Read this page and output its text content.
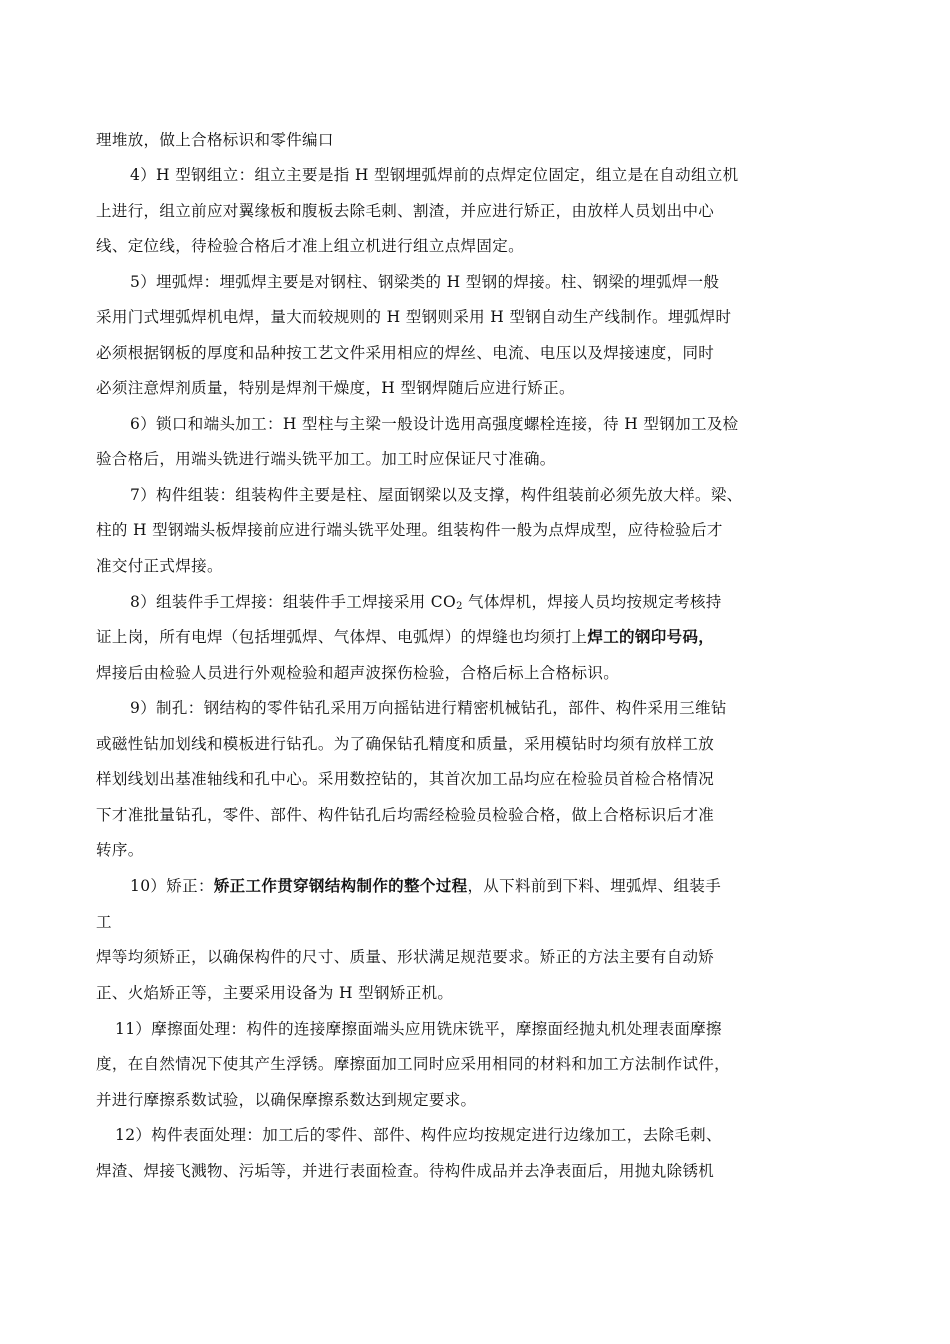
理堆放，做上合格标识和零件编口
4）H 型钢组立：组立主要是指 H 型钢埋弧焊前的点焊定位固定，组立是在自动组立机
上进行，组立前应对翼缘板和腹板去除毛刺、割渣，并应进行矫正，由放样人员划出中心
线、定位线，待检验合格后才准上组立机进行组立点焊固定。
5）埋弧焊：埋弧焊主要是对钢柱、钢梁类的 H 型钢的焊接。柱、钢梁的埋弧焊一般
采用门式埋弧焊机电焊，量大而较规则的 H 型钢则采用 H 型钢自动生产线制作。埋弧焊时
必须根据钢板的厚度和品种按工艺文件采用相应的焊丝、电流、电压以及焊接速度，同时
必须注意焊剂质量，特别是焊剂干燥度，H 型钢焊随后应进行矫正。
6）锁口和端头加工：H 型柱与主梁一般设计选用高强度螺栓连接，待 H 型钢加工及检
验合格后，用端头铣进行端头铣平加工。加工时应保证尺寸准确。
7）构件组装：组装构件主要是柱、屋面钢梁以及支撑，构件组装前必须先放大样。梁、
柱的 H 型钢端头板焊接前应进行端头铣平处理。组装构件一般为点焊成型，应待检验后才
准交付正式焊接。
8）组装件手工焊接：组装件手工焊接采用 $CO_2$ 气体焊机，焊接人员均按规定考核持
证上岗，所有电焊（包括埋弧焊、气体焊、电弧焊）的焊缝也均须打上焊工的钢印号码，
焊接后由检验人员进行外观检验和超声波探伤检验，合格后标上合格标识。
9）制孔：钢结构的零件钻孔采用万向摇钻进行精密机械钻孔，部件、构件采用三维钻
或磁性钻加划线和模板进行钻孔。为了确保钻孔精度和质量，采用模钻时均须有放样工放
样划线划出基准轴线和孔中心。采用数控钻的，其首次加工品均应在检验员首检合格情况
下才准批量钻孔，零件、部件、构件钻孔后均需经检验员检验合格，做上合格标识后才准
转序。
10）矫正：矫正工作贯穿钢结构制作的整个过程，从下料前到下料、埋弧焊、组装手
工
焊等均须矫正，以确保构件的尺寸、质量、形状满足规范要求。矫正的方法主要有自动矫
正、火焰矫正等，主要采用设备为 H 型钢矫正机。
11）摩擦面处理：构件的连接摩擦面端头应用铣床铣平，摩擦面经抛丸机处理表面摩擦
度，在自然情况下使其产生浮锈。摩擦面加工同时应采用相同的材料和加工方法制作试件，
并进行摩擦系数试验，以确保摩擦系数达到规定要求。
12）构件表面处理：加工后的零件、部件、构件应均按规定进行边缘加工，去除毛刺、
焊渣、焊接飞溅物、污垢等，并进行表面检查。待构件成品并去净表面后，用抛丸除锈机
